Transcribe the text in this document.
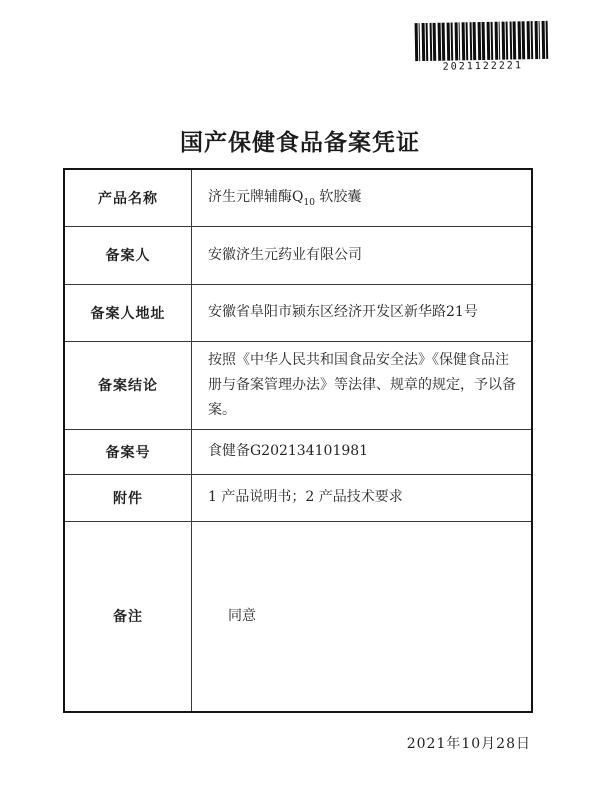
2021122221
国产保健食品备案凭证
产品名称	济生元牌辅酶$Q_{10}$ 软胶囊
备案人	安徽济生元药业有限公司
备案人地址	安徽省阜阳市颍东区经济开发区新华路21号
备案结论	按照《中华人民共和国食品安全法》《保健食品注册与备案管理办法》等法律、规章的规定，予以备案。
备案号	食健备G202134101981
附件	1 产品说明书；2 产品技术要求
备注	同意
2021年10月28日
